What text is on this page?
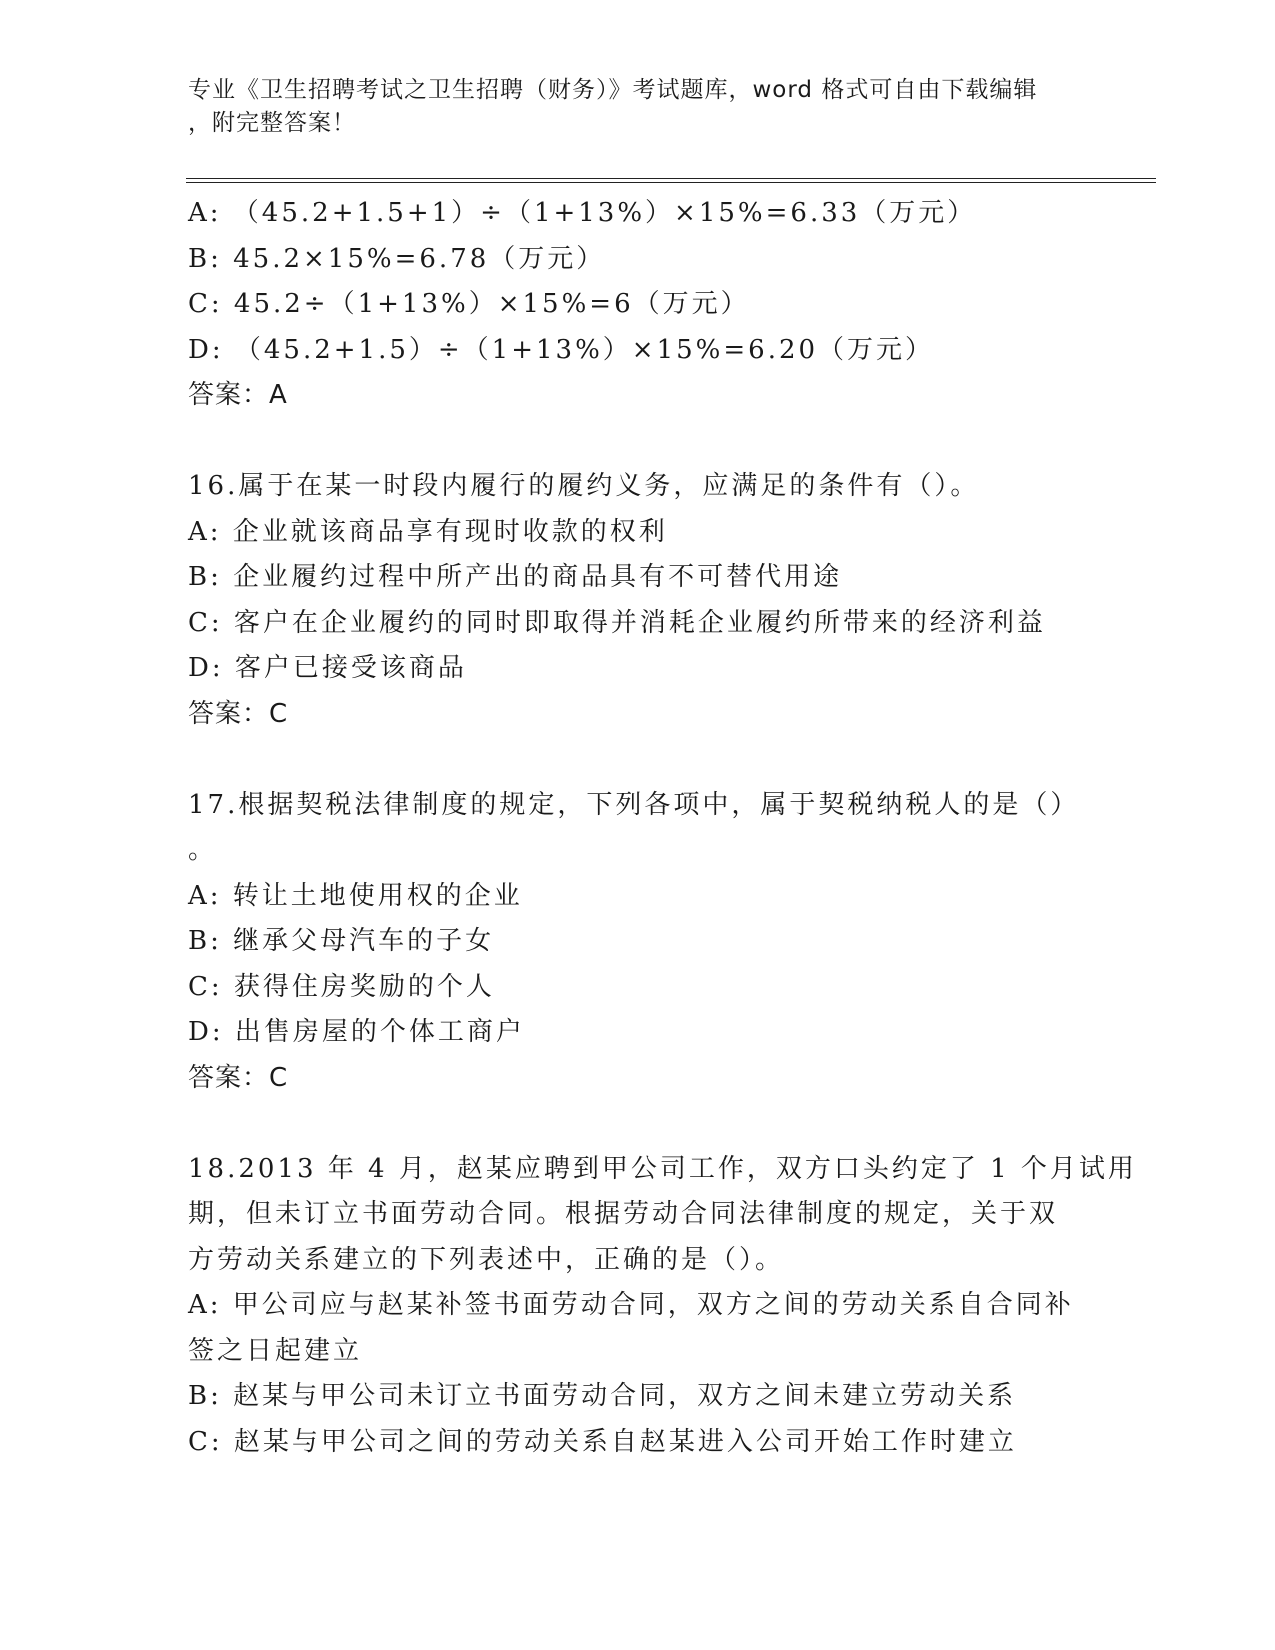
专业《卫生招聘考试之卫生招聘（财务）》考试题库，word 格式可自由下载编辑
，附完整答案！
A: （45.2+1.5+1）÷（1+13%）×15%=6.33（万元）
B: 45.2×15%=6.78（万元）
C: 45.2÷（1+13%）×15%=6（万元）
D: （45.2+1.5）÷（1+13%）×15%=6.20（万元）
答案：A
16.属于在某一时段内履行的履约义务，应满足的条件有（）。
A: 企业就该商品享有现时收款的权利
B: 企业履约过程中所产出的商品具有不可替代用途
C: 客户在企业履约的同时即取得并消耗企业履约所带来的经济利益
D: 客户已接受该商品
答案：C
17.根据契税法律制度的规定，下列各项中，属于契税纳税人的是（）
。
A: 转让土地使用权的企业
B: 继承父母汽车的子女
C: 获得住房奖励的个人
D: 出售房屋的个体工商户
答案：C
18.2013 年 4 月，赵某应聘到甲公司工作，双方口头约定了 1 个月试用
期，但未订立书面劳动合同。根据劳动合同法律制度的规定，关于双
方劳动关系建立的下列表述中，正确的是（）。
A: 甲公司应与赵某补签书面劳动合同，双方之间的劳动关系自合同补
签之日起建立
B: 赵某与甲公司未订立书面劳动合同，双方之间未建立劳动关系
C: 赵某与甲公司之间的劳动关系自赵某进入公司开始工作时建立
